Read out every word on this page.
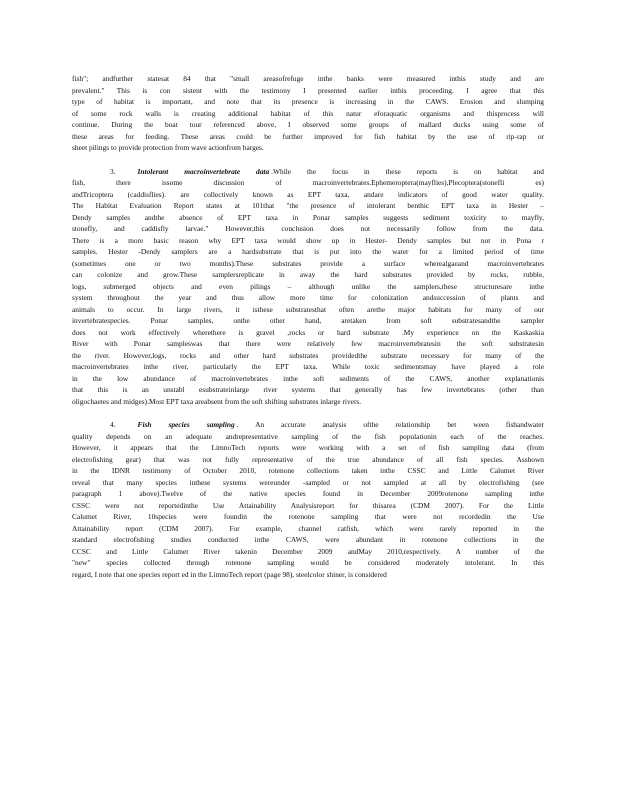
fish"; andfurther statesat 84 that "small areasofrefuge inthe banks were measured inthis study and are
prevalent." This is con sistent with the testimony I presented earlier inthis proceeding. I agree that this
type of habitat is important, and note that its presence is increasing in the CAWS. Erosion and slumping
of some rock walls is creating additional habitat of this natur eforaquatic organisms and thisprocess will
continue. During the boat tour referenced above, I observed some groups of mallard ducks using some of
these areas for feeding. These areas could be further improved for fish habitat by the use of rip-rap or
sheet pilings to provide protection from wave actionfrom barges.
3.	Intolerant macroinvertebrate data .While the focus in these reports is on habitat and
fish, there issome discussion of macroinvertebrates.Ephemeroptera(mayflies),Plecoptera(stonefli es)
andTricoptera (caddisflies). are collectively known as EPT taxa, andare indicators of good water quality.
The Habitat Evaluation Report states at 101that "the presence of intolerant benthic EPT taxa in Hester –
Dendy samples andthe absence of EPT taxa in Ponar samples suggests sediment toxicity to mayfly,
stonefly, and caddisfly larvae." However,this conclusion does not necessarily follow from the data.
There is a more basic reason why EPT taxa would show up in Hester- Dendy samples but not in Pona r
samples. Hester -Dendy samplers are a hardsubstrate that is put into the water for a limited period of time
(sometimes one or two months).These substrates provide a surface wherealgaeand macroinvertebrates
can colonize and grow.These samplersreplicate in away the hard substrates provided by rocks, rubble,
logs, submerged objects and even pilings – although unlike the samplers,these structuresare inthe
system throughout the year and thus allow more time for colonization andsuccession of plants and
animals to occur. In large rivers, it isthese substratesthat often arethe major habitats for many of our
invertebratespecies. Ponar samples, onthe other hand, aretaken from soft substratesandthe sampler
does not work effectively wherethere is gravel ,rocks or hard substrate .My experience on the Kaskaskia
River with Ponar sampleswas that there were relatively few macroinvertebratesin the soft substratesin
the river. However,logs, rocks and other hard substrates providedthe substrate necessary for many of the
macroinvertebrates inthe river, particularly the EPT taxa. While toxic sedimentsmay have played a role
in the low abundance of macroinvertebrates inthe soft sediments of the CAWS, another explanationis
that this is an unstabl esubstrateinlarge river systems that generally has few invertebrates (other than
oligochaetes and midges).Most EPT taxa areabsent from the soft shifting substrates inlarge rivers.
4.	Fish species sampling . An accurate analysis ofthe relationship bet ween fishandwater
quality depends on an adequate andrepresentative sampling of the fish populationin each of the reaches.
However, it appears that the LimnoTech reports were working with a set of fish sampling data (from
electrofishing gear) that was not fully representative of the true abundance of all fish species. Asshown
in the IDNR testimony of October 2010, rotenone collections taken inthe CSSC and Little Calumet River
reveal that many species inthese systems wereunder -sampled or not sampled at all by electrofishing (see
paragraph 1 above).Twelve of the native species found in December 2009rotenone sampling inthe
CSSC were not reportedinthe Use Attainability Analysisreport for thisarea (CDM 2007). For the Little
Calumet River, 10species were foundin the rotenone sampling that were not recordedin the Use
Attainability report (CDM 2007). For example, channel catfish, which were rarely reported in the
standard electrofishing studies conducted inthe CAWS, were abundant in rotenone collections in the
CCSC and Little Calumet River takenin December 2009 andMay 2010,respectively. A number of the
"new" species collected through rotenone sampling would be considered moderately intolerant. In this
regard, I note that one species report ed in the LimnoTech report (page 98), steelcolor shiner, is considered
